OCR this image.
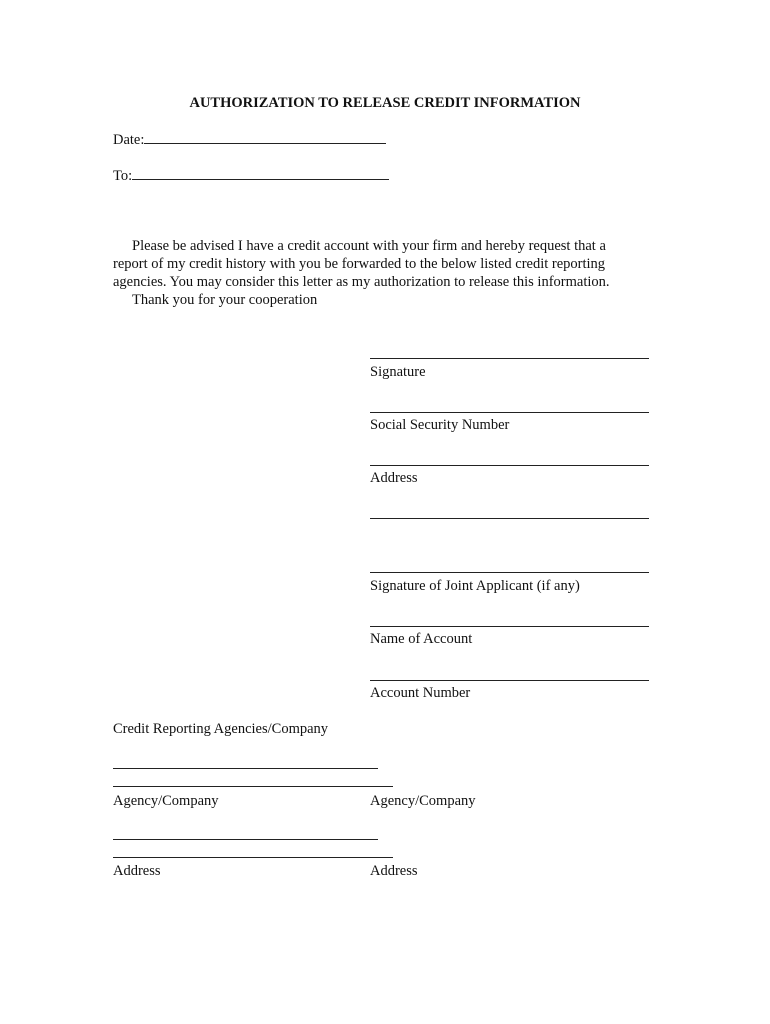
AUTHORIZATION TO RELEASE CREDIT INFORMATION
Date:
To:
Please be advised I have a credit account with your firm and hereby request that a
report of my credit history with you be forwarded to the below listed credit reporting
agencies. You may consider this letter as my authorization to release this information.
Thank you for your cooperation
Signature
Social Security Number
Address
Signature of Joint Applicant (if any)
Name of Account
Account Number
Credit Reporting Agencies/Company
Agency/Company	Agency/Company
Address	Address
